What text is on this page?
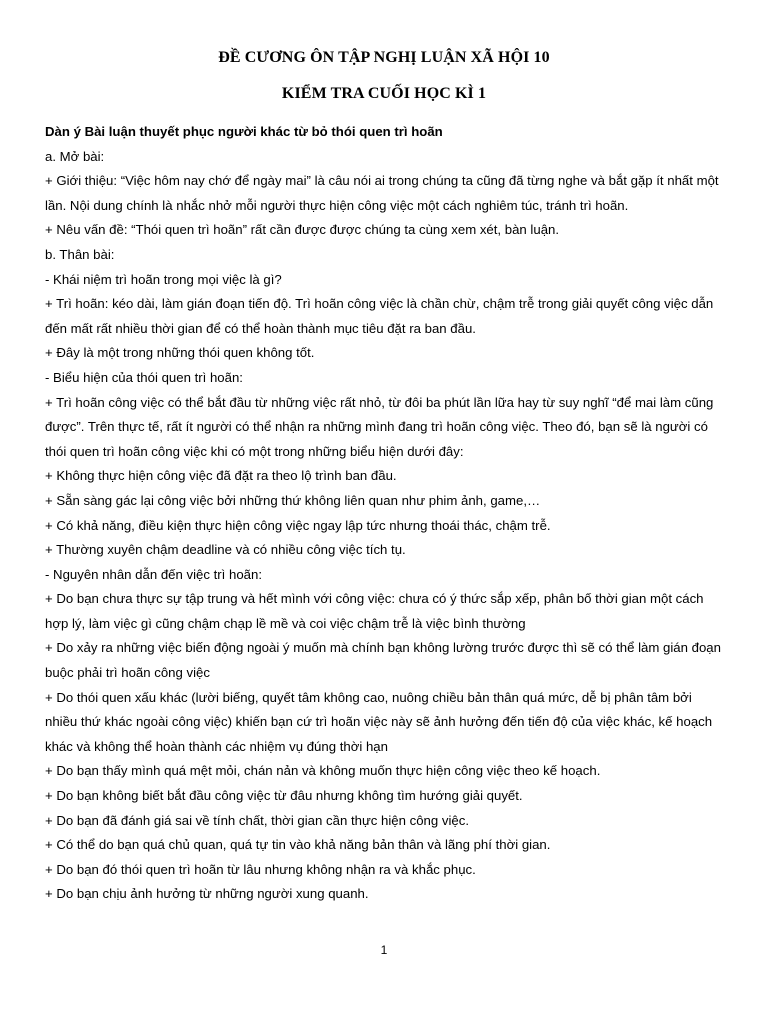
ĐỀ CƯƠNG ÔN TẬP NGHỊ LUẬN XÃ HỘI 10
KIỂM TRA CUỐI HỌC KÌ 1

Dàn ý Bài luận thuyết phục người khác từ bỏ thói quen trì hoãn

a. Mở bài:

+ Giới thiệu: “Việc hôm nay chớ để ngày mai” là câu nói ai trong chúng ta cũng đã từng nghe và bắt gặp ít nhất một lần. Nội dung chính là nhắc nhở mỗi người thực hiện công việc một cách nghiêm túc, tránh trì hoãn.

+ Nêu vấn đề: “Thói quen trì hoãn” rất cần được được chúng ta cùng xem xét, bàn luận.

b. Thân bài:

- Khái niệm trì hoãn trong mọi việc là gì?

+ Trì hoãn: kéo dài, làm gián đoạn tiến độ. Trì hoãn công việc là chần chừ, chậm trễ trong giải quyết công việc dẫn đến mất rất nhiều thời gian để có thể hoàn thành mục tiêu đặt ra ban đầu.

+ Đây là một trong những thói quen không tốt.

- Biểu hiện của thói quen trì hoãn:

+ Trì hoãn công việc có thể bắt đầu từ những việc rất nhỏ, từ đôi ba phút lần lữa hay từ suy nghĩ “để mai làm cũng được”. Trên thực tế, rất ít người có thể nhận ra những mình đang trì hoãn công việc. Theo đó, bạn sẽ là người có thói quen trì hoãn công việc khi có một trong những biểu hiện dưới đây:

+ Không thực hiện công việc đã đặt ra theo lộ trình ban đầu.

+ Sẵn sàng gác lại công việc bởi những thứ không liên quan như phim ảnh, game,…

+ Có khả năng, điều kiện thực hiện công việc ngay lập tức nhưng thoái thác, chậm trễ.

+ Thường xuyên chậm deadline và có nhiều công việc tích tụ.

- Nguyên nhân dẫn đến việc trì hoãn:

+ Do bạn chưa thực sự tập trung và hết mình với công việc: chưa có ý thức sắp xếp, phân bố thời gian một cách hợp lý, làm việc gì cũng chậm chạp lề mề và coi việc chậm trễ là việc bình thường

+ Do xảy ra những việc biến động ngoài ý muốn mà chính bạn không lường trước được thì sẽ có thể làm gián đoạn buộc phải trì hoãn công việc

+ Do thói quen xấu khác (lười biếng, quyết tâm không cao, nuông chiều bản thân quá mức, dễ bị phân tâm bởi nhiều thứ khác ngoài công việc) khiến bạn cứ trì hoãn việc này sẽ ảnh hưởng đến tiến độ của việc khác, kế hoạch khác và không thể hoàn thành các nhiệm vụ đúng thời hạn

+ Do bạn thấy mình quá mệt mỏi, chán nản và không muốn thực hiện công việc theo kế hoạch.

+ Do bạn không biết bắt đầu công việc từ đâu nhưng không tìm hướng giải quyết.

+ Do bạn đã đánh giá sai về tính chất, thời gian cần thực hiện công việc.

+ Có thể do bạn quá chủ quan, quá tự tin vào khả năng bản thân và lãng phí thời gian.

+ Do bạn đó thói quen trì hoãn từ lâu nhưng không nhận ra và khắc phục.

+ Do bạn chịu ảnh hưởng từ những người xung quanh.

1
